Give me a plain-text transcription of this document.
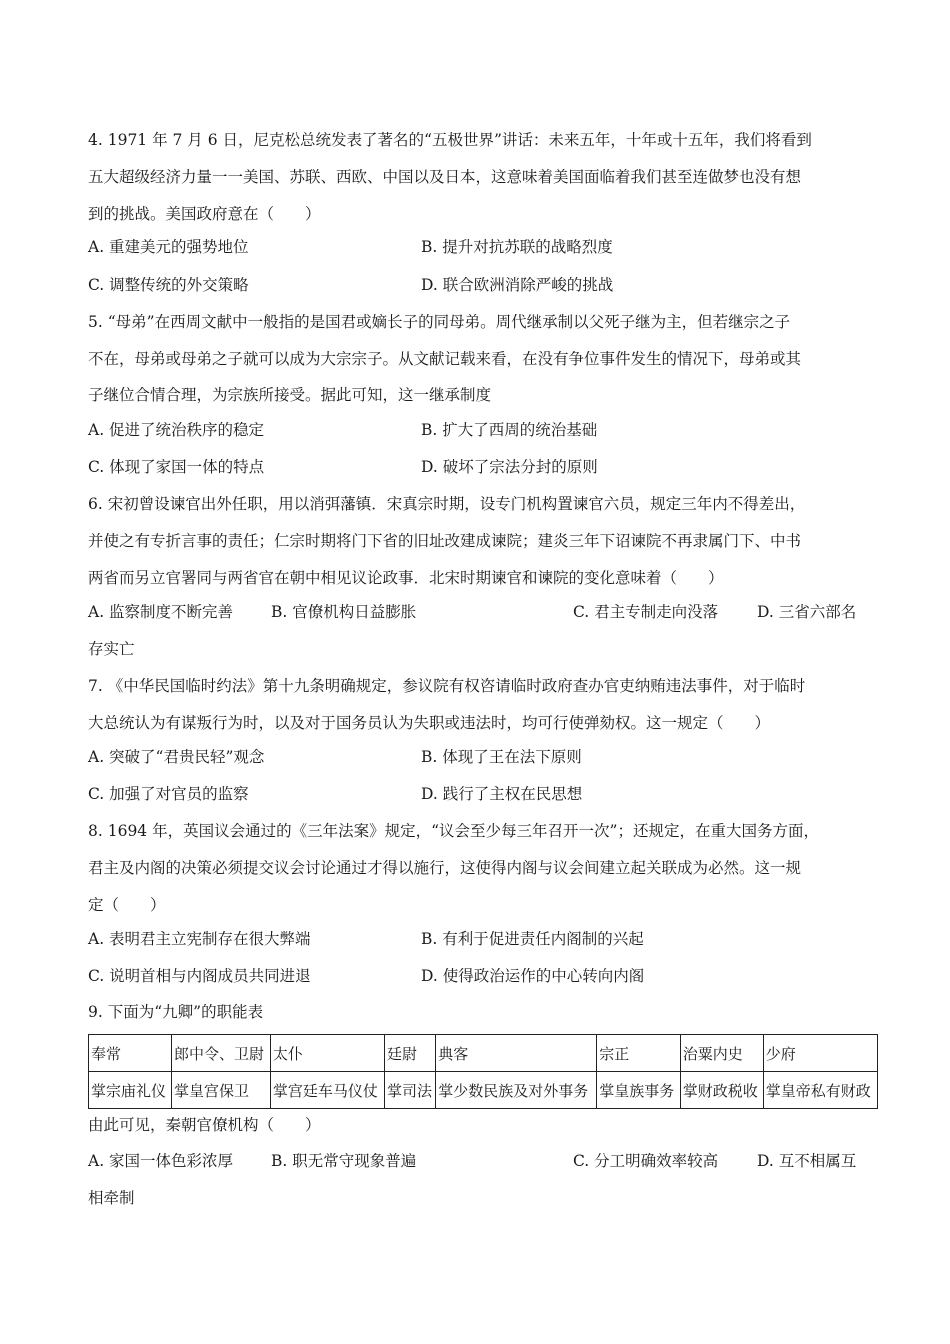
4. 1971 年 7 月 6 日，尼克松总统发表了著名的“五极世界”讲话：未来五年，十年或十五年，我们将看到
五大超级经济力量一一美国、苏联、西欧、中国以及日本，这意味着美国面临着我们甚至连做梦也没有想
到的挑战。美国政府意在（　　）
A. 重建美元的强势地位	B. 提升对抗苏联的战略烈度
C. 调整传统的外交策略	D. 联合欧洲消除严峻的挑战
5. “母弟”在西周文献中一般指的是国君或嫡长子的同母弟。周代继承制以父死子继为主，但若继宗之子
不在，母弟或母弟之子就可以成为大宗宗子。从文献记载来看，在没有争位事件发生的情况下，母弟或其
子继位合情合理，为宗族所接受。据此可知，这一继承制度
A. 促进了统治秩序的稳定	B. 扩大了西周的统治基础
C. 体现了家国一体的特点	D. 破坏了宗法分封的原则
6. 宋初曾设谏官出外任职，用以消弭藩镇．宋真宗时期，设专门机构置谏官六员，规定三年内不得差出，
并使之有专折言事的责任；仁宗时期将门下省的旧址改建成谏院；建炎三年下诏谏院不再隶属门下、中书
两省而另立官署同与两省官在朝中相见议论政事．北宋时期谏官和谏院的变化意味着（　　）
A. 监察制度不断完善 B. 官僚机构日益膨胀	C. 君主专制走向没落	D. 三省六部名
存实亡
7. 《中华民国临时约法》第十九条明确规定，参议院有权咨请临时政府查办官吏纳贿违法事件，对于临时
大总统认为有谋叛行为时，以及对于国务员认为失职或违法时，均可行使弹劾权。这一规定（　　）
A. 突破了“君贵民轻”观念	B. 体现了王在法下原则
C. 加强了对官员的监察	D. 践行了主权在民思想
8. 1694 年，英国议会通过的《三年法案》规定，“议会至少每三年召开一次”；还规定，在重大国务方面，
君主及内阁的决策必须提交议会讨论通过才得以施行，这使得内阁与议会间建立起关联成为必然。这一规
定（　　）
A. 表明君主立宪制存在很大弊端	B. 有利于促进责任内阁制的兴起
C. 说明首相与内阁成员共同进退	D. 使得政治运作的中心转向内阁
9. 下面为“九卿”的职能表
奉常	郎中令、卫尉	太仆	廷尉	典客	宗正	治粟内史	少府
掌宗庙礼仪	掌皇宫保卫	掌宫廷车马仪仗	掌司法	掌少数民族及对外事务	掌皇族事务	掌财政税收	掌皇帝私有财政
由此可见，秦朝官僚机构（　　）
A. 家国一体色彩浓厚 B. 职无常守现象普遍	C. 分工明确效率较高	D. 互不相属互
相牵制
